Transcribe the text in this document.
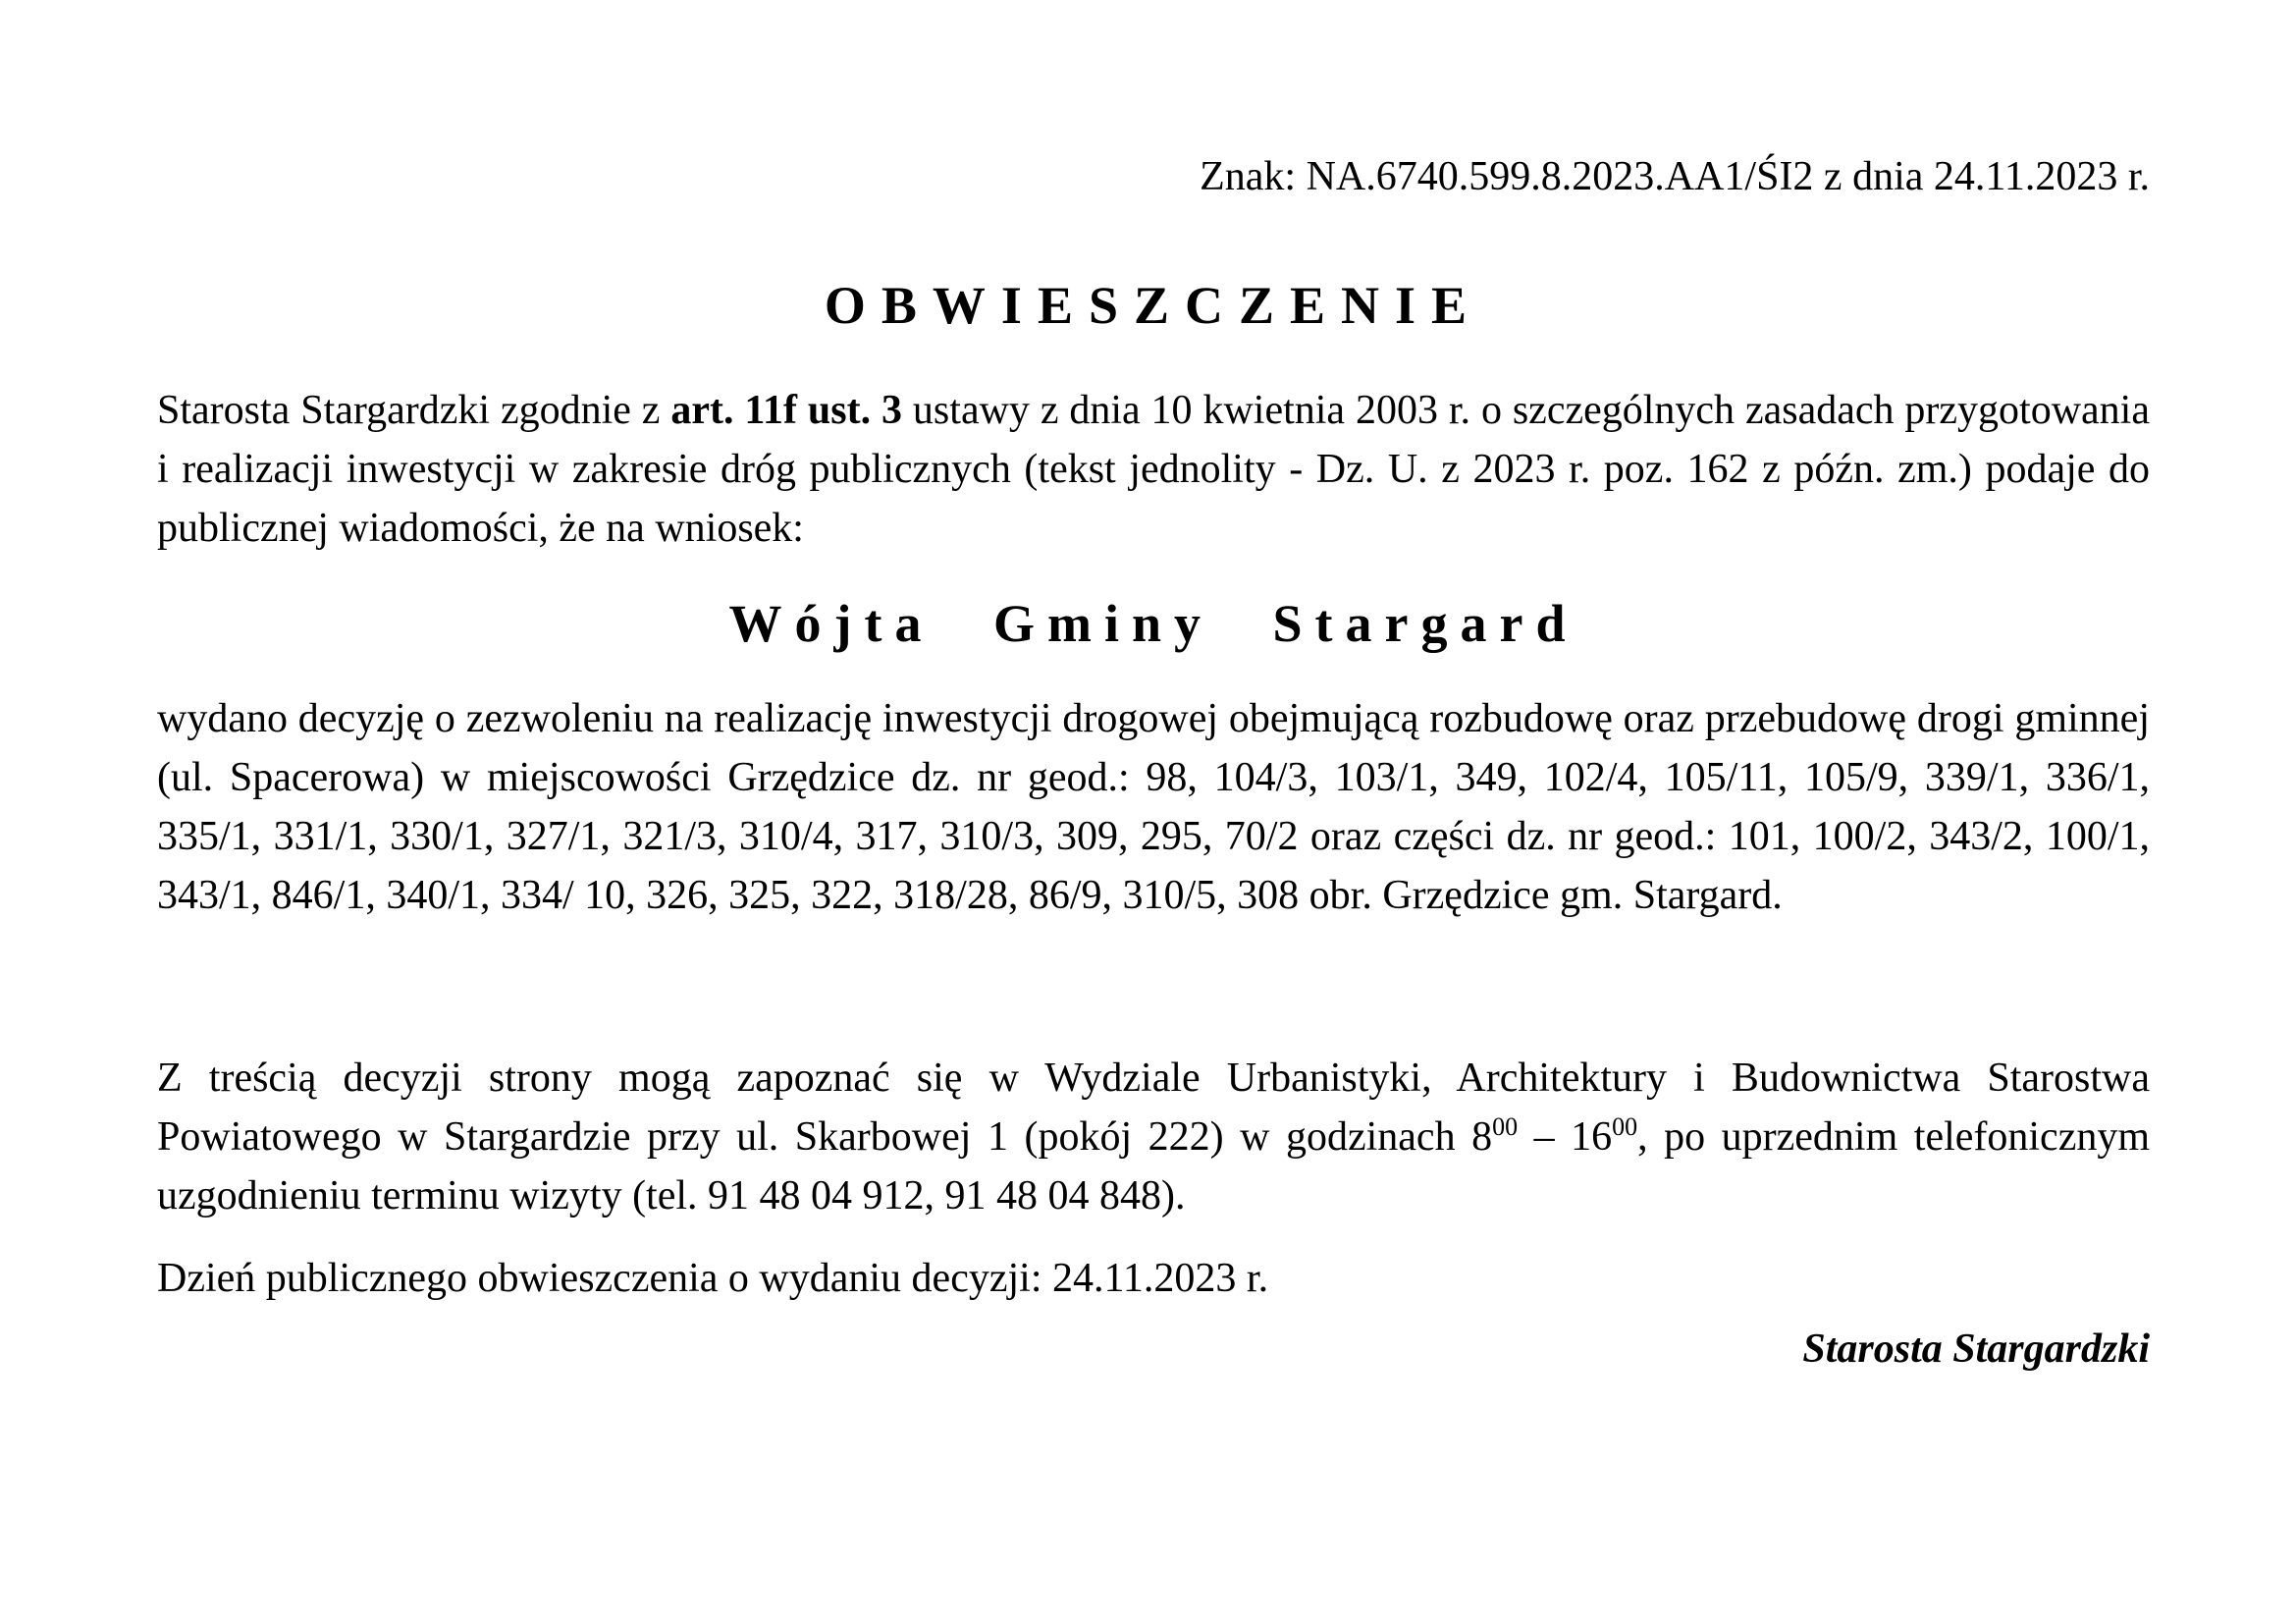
Znak: NA.6740.599.8.2023.AA1/ŚI2 z dnia 24.11.2023 r.
OBWIESZCZENIE
Starosta Stargardzki zgodnie z art. 11f ust. 3 ustawy z dnia 10 kwietnia 2003 r. o szczególnych zasadach przygotowania i realizacji inwestycji w zakresie dróg publicznych (tekst jednolity - Dz. U. z 2023 r. poz. 162 z późn. zm.) podaje do publicznej wiadomości, że na wniosek:
Wójta Gminy Stargard
wydano decyzję o zezwoleniu na realizację inwestycji drogowej obejmującą rozbudowę oraz przebudowę drogi gminnej (ul. Spacerowa) w miejscowości Grzędzice dz. nr geod.: 98, 104/3, 103/1, 349, 102/4, 105/11, 105/9, 339/1, 336/1, 335/1, 331/1, 330/1, 327/1, 321/3, 310/4, 317, 310/3, 309, 295, 70/2 oraz części dz. nr geod.: 101, 100/2, 343/2, 100/1, 343/1, 846/1, 340/1, 334/ 10, 326, 325, 322, 318/28, 86/9, 310/5, 308 obr. Grzędzice gm. Stargard.
Z treścią decyzji strony mogą zapoznać się w Wydziale Urbanistyki, Architektury i Budownictwa Starostwa Powiatowego w Stargardzie przy ul. Skarbowej 1 (pokój 222) w godzinach $8^{00} - 16^{00}$, po uprzednim telefonicznym uzgodnieniu terminu wizyty (tel. 91 48 04 912, 91 48 04 848).
Dzień publicznego obwieszczenia o wydaniu decyzji: 24.11.2023 r.
Starosta Stargardzki
